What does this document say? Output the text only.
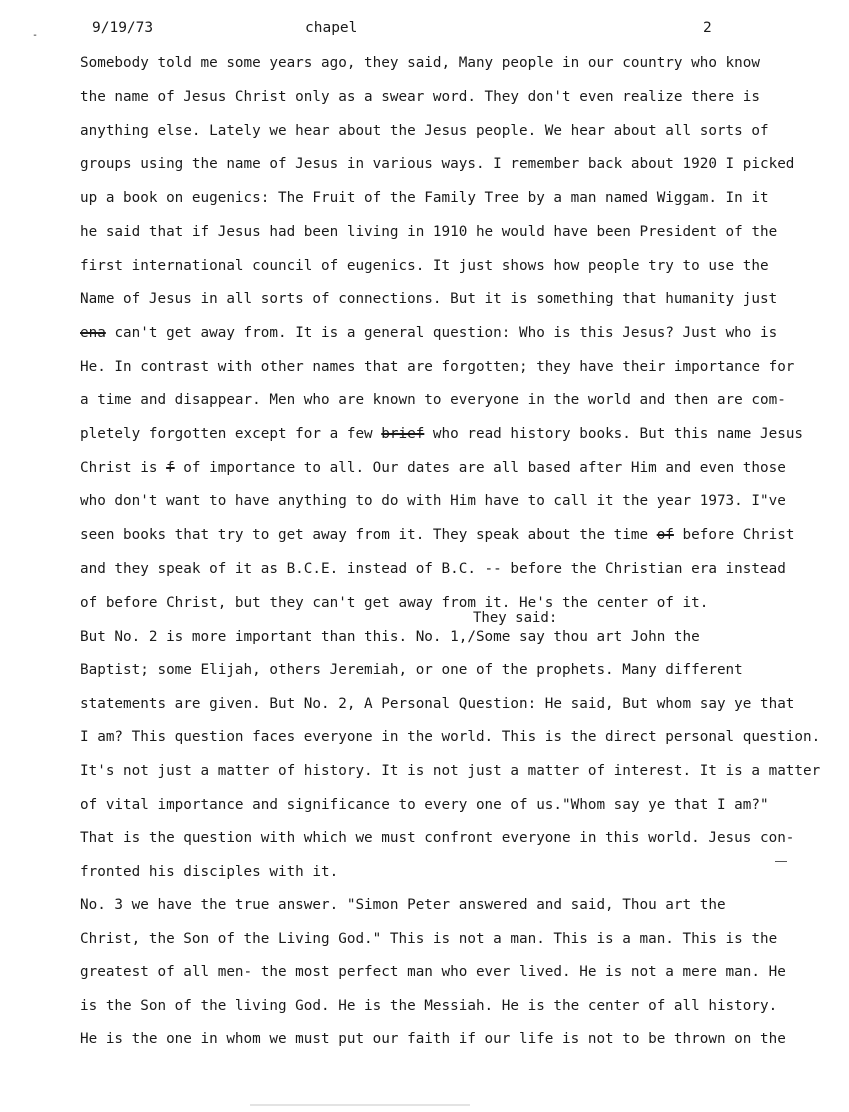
-	9/19/73	chapel	2
Somebody told me some years ago, they said, Many people in our country who know
the name of Jesus Christ only as a swear word. They don't even realize there is
anything else. Lately we hear about the Jesus people. We hear about all sorts of
groups using the name of Jesus in various ways. I remember back about 1920 I picked
up a book on eugenics: The Fruit of the Family Tree by a man named Wiggam. In it
he said that if Jesus had been living in 1910 he would have been President of the
first international council of eugenics. It just shows how people try to use the
Name of Jesus in all sorts of connections. But it is something that humanity just
ena can't get away from. It is a general question: Who is this Jesus? Just who is
He. In contrast with other names that are forgotten; they have their importance for
a time and disappear. Men who are known to everyone in the world and then are com-
pletely forgotten except for a few brief who read history books. But this name Jesus
Christ is f of importance to all. Our dates are all based after Him and even those
who don't want to have anything to do with Him have to call it the year 1973. I"ve
seen books that try to get away from it. They speak about the time of before Christ
and they speak of it as B.C.E. instead of B.C. -- before the Christian era instead
of before Christ, but they can't get away from it. He's the center of it.
They said:
But No. 2 is more important than this. No. 1,/Some say thou art John the
Baptist; some Elijah, others Jeremiah, or one of the prophets. Many different
statements are given. But No. 2, A Personal Question: He said, But whom say ye that
I am? This question faces everyone in the world. This is the direct personal question.
It's not just a matter of history. It is not just a matter of interest. It is a matter
of vital importance and significance to every one of us."Whom say ye that I am?"
That is the question with which we must confront everyone in this world. Jesus con-
fronted his disciples with it.
No. 3 we have the true answer. "Simon Peter answered and said, Thou art the
Christ, the Son of the Living God." This is not a man. This is a man. This is the
greatest of all men- the most perfect man who ever lived. He is not a mere man. He
is the Son of the living God. He is the Messiah. He is the center of all history.
He is the one in whom we must put our faith if our life is not to be thrown on the
